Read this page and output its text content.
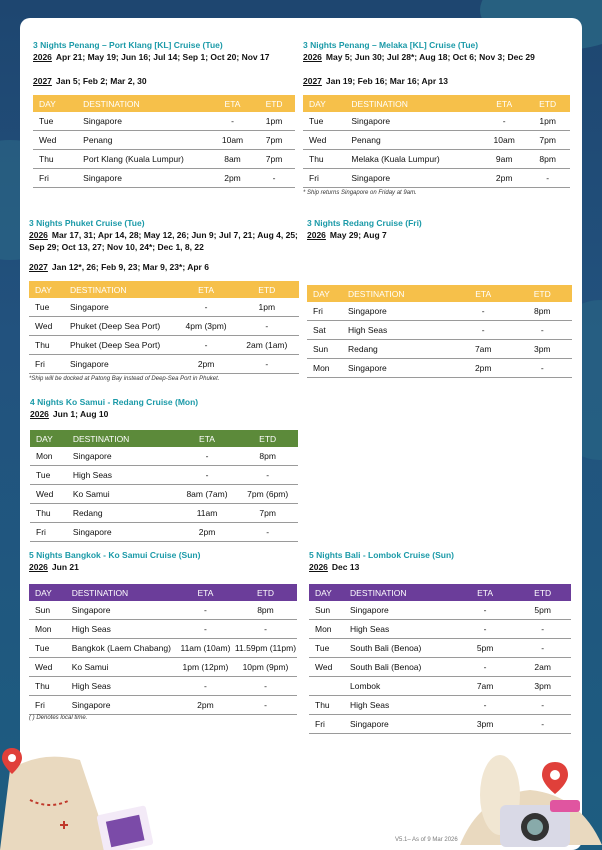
3 Nights Penang – Port Klang [KL] Cruise (Tue)
2026 Apr 21; May 19; Jun 16; Jul 14; Sep 1; Oct 20; Nov 17
2027 Jan 5; Feb 2; Mar 2, 30
DAY	DESTINATION	ETA	ETD
Tue	Singapore	-	1pm
Wed	Penang	10am	7pm
Thu	Port Klang (Kuala Lumpur)	8am	7pm
Fri	Singapore	2pm	-
3 Nights Penang – Melaka [KL] Cruise (Tue)
2026 May 5; Jun 30; Jul 28*; Aug 18; Oct 6; Nov 3; Dec 29
2027 Jan 19; Feb 16; Mar 16; Apr 13
DAY	DESTINATION	ETA	ETD
Tue	Singapore	-	1pm
Wed	Penang	10am	7pm
Thu	Melaka (Kuala Lumpur)	9am	8pm
Fri	Singapore	2pm	-
* Ship returns Singapore on Friday at 9am.
3 Nights Phuket Cruise (Tue)
2026 Mar 17, 31; Apr 14, 28; May 12, 26; Jun 9; Jul 7, 21; Aug 4, 25; Sep 29; Oct 13, 27; Nov 10, 24*; Dec 1, 8, 22
2027 Jan 12*, 26; Feb 9, 23; Mar 9, 23*; Apr 6
DAY	DESTINATION	ETA	ETD
Tue	Singapore	-	1pm
Wed	Phuket (Deep Sea Port)	4pm (3pm)	-
Thu	Phuket (Deep Sea Port)	-	2am (1am)
Fri	Singapore	2pm	-
*Ship will be docked at Patong Bay instead of Deep-Sea Port in Phuket.
3 Nights Redang Cruise (Fri)
2026 May 29; Aug 7
DAY	DESTINATION	ETA	ETD
Fri	Singapore	-	8pm
Sat	High Seas	-	-
Sun	Redang	7am	3pm
Mon	Singapore	2pm	-
4 Nights Ko Samui - Redang Cruise (Mon)
2026 Jun 1; Aug 10
DAY	DESTINATION	ETA	ETD
Mon	Singapore	-	8pm
Tue	High Seas	-	-
Wed	Ko Samui	8am (7am)	7pm (6pm)
Thu	Redang	11am	7pm
Fri	Singapore	2pm	-
5 Nights Bangkok - Ko Samui Cruise (Sun)
2026 Jun 21
DAY	DESTINATION	ETA	ETD
Sun	Singapore	-	8pm
Mon	High Seas	-	-
Tue	Bangkok (Laem Chabang)	11am (10am)	11.59pm (11pm)
Wed	Ko Samui	1pm (12pm)	10pm (9pm)
Thu	High Seas	-	-
Fri	Singapore	2pm	-
( ) Denotes local time.
5 Nights Bali - Lombok Cruise (Sun)
2026 Dec 13
DAY	DESTINATION	ETA	ETD
Sun	Singapore	-	5pm
Mon	High Seas	-	-
Tue	South Bali (Benoa)	5pm	-
Wed	South Bali (Benoa)	-	2am
	Lombok	7am	3pm
Thu	High Seas	-	-
Fri	Singapore	3pm	-
V5.1– As of 9 Mar 2026
